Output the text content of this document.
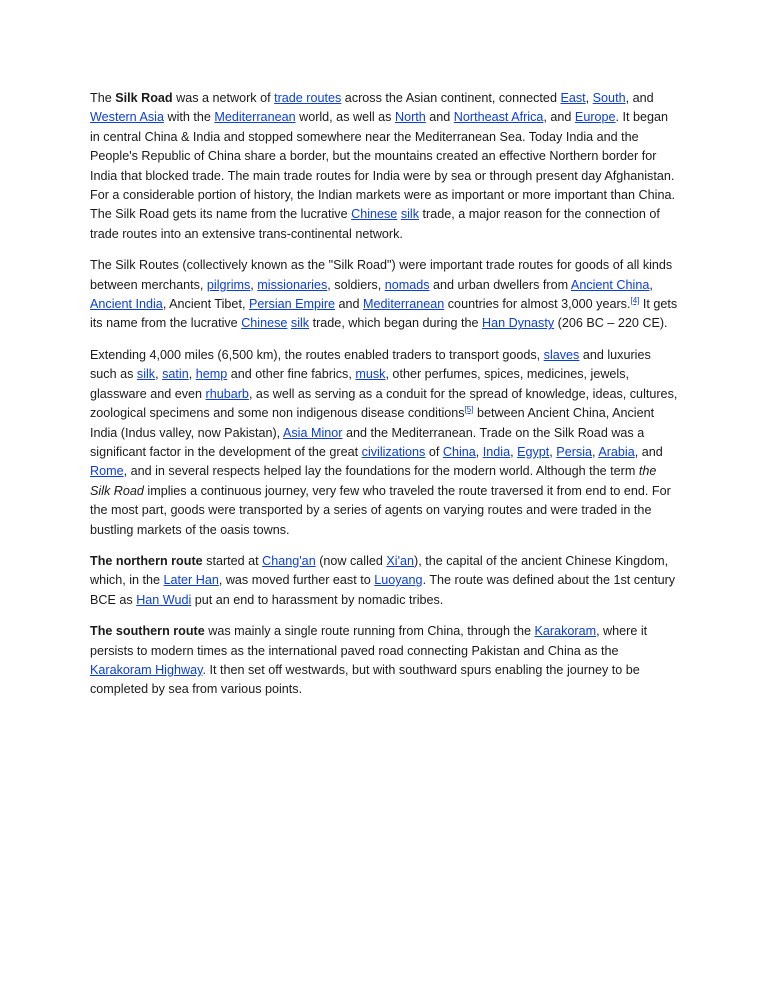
The Silk Road was a network of trade routes across the Asian continent, connected East, South, and Western Asia with the Mediterranean world, as well as North and Northeast Africa, and Europe. It began in central China & India and stopped somewhere near the Mediterranean Sea. Today India and the People's Republic of China share a border, but the mountains created an effective Northern border for India that blocked trade. The main trade routes for India were by sea or through present day Afghanistan. For a considerable portion of history, the Indian markets were as important or more important than China. The Silk Road gets its name from the lucrative Chinese silk trade, a major reason for the connection of trade routes into an extensive trans-continental network.

The Silk Routes (collectively known as the "Silk Road") were important trade routes for goods of all kinds between merchants, pilgrims, missionaries, soldiers, nomads and urban dwellers from Ancient China, Ancient India, Ancient Tibet, Persian Empire and Mediterranean countries for almost 3,000 years.[4] It gets its name from the lucrative Chinese silk trade, which began during the Han Dynasty (206 BC – 220 CE).

Extending 4,000 miles (6,500 km), the routes enabled traders to transport goods, slaves and luxuries such as silk, satin, hemp and other fine fabrics, musk, other perfumes, spices, medicines, jewels, glassware and even rhubarb, as well as serving as a conduit for the spread of knowledge, ideas, cultures, zoological specimens and some non indigenous disease conditions[5] between Ancient China, Ancient India (Indus valley, now Pakistan), Asia Minor and the Mediterranean. Trade on the Silk Road was a significant factor in the development of the great civilizations of China, India, Egypt, Persia, Arabia, and Rome, and in several respects helped lay the foundations for the modern world. Although the term the Silk Road implies a continuous journey, very few who traveled the route traversed it from end to end. For the most part, goods were transported by a series of agents on varying routes and were traded in the bustling markets of the oasis towns.

The northern route started at Chang'an (now called Xi'an), the capital of the ancient Chinese Kingdom, which, in the Later Han, was moved further east to Luoyang. The route was defined about the 1st century BCE as Han Wudi put an end to harassment by nomadic tribes.

The southern route was mainly a single route running from China, through the Karakoram, where it persists to modern times as the international paved road connecting Pakistan and China as the Karakoram Highway. It then set off westwards, but with southward spurs enabling the journey to be completed by sea from various points.
